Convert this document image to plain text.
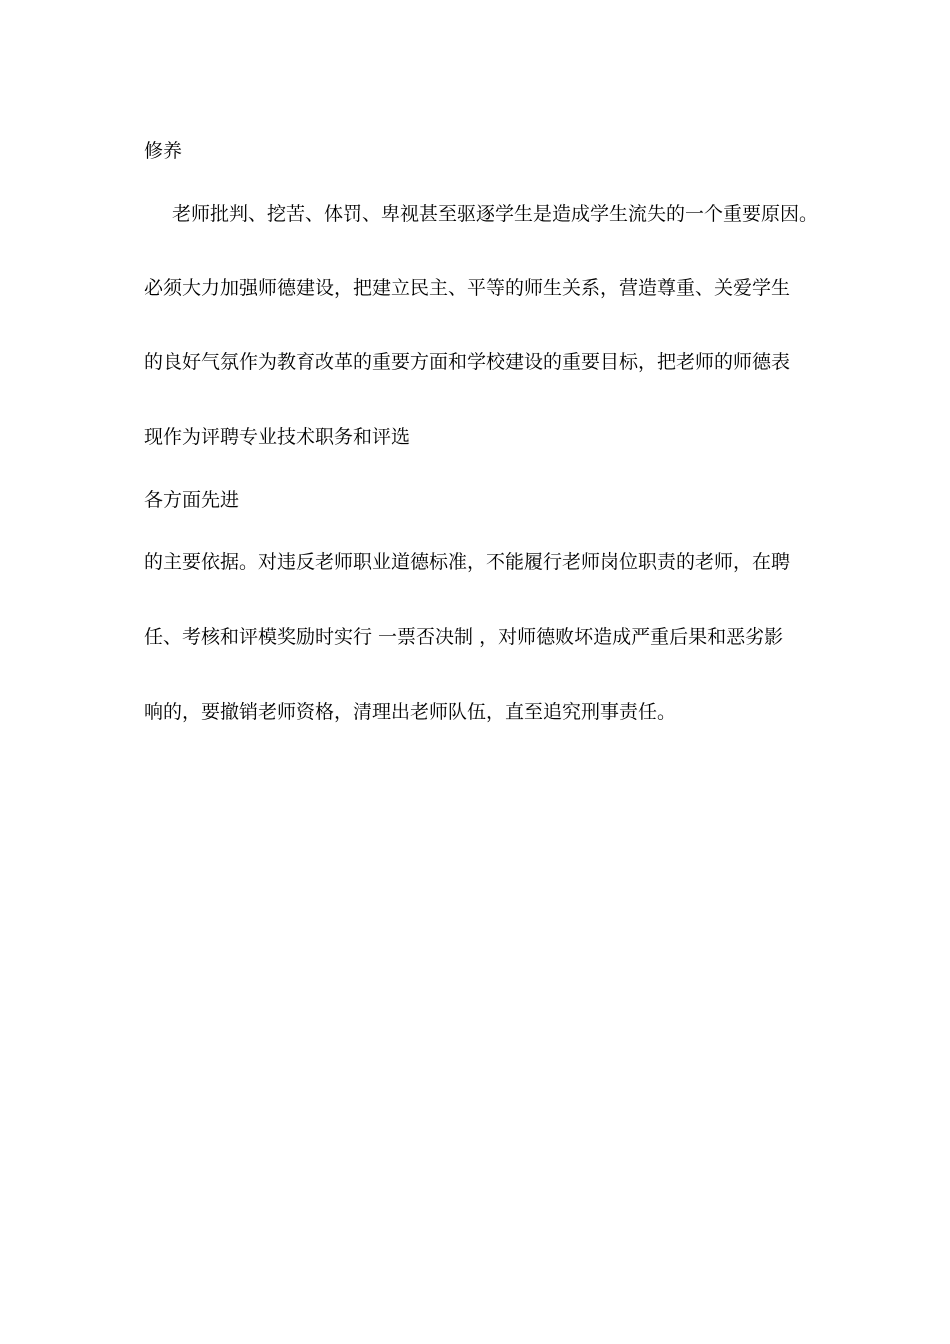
修养
老师批判、挖苦、体罚、卑视甚至驱逐学生是造成学生流失的一个重要原因。
必须大力加强师德建设，把建立民主、平等的师生关系，营造尊重、关爱学生
的良好气氛作为教育改革的重要方面和学校建设的重要目标，把老师的师德表
现作为评聘专业技术职务和评选
各方面先进
的主要依据。对违反老师职业道德标准，不能履行老师岗位职责的老师，在聘
任、考核和评模奖励时实行 一票否决制 ，对师德败坏造成严重后果和恶劣影
响的，要撤销老师资格，清理出老师队伍，直至追究刑事责任。
